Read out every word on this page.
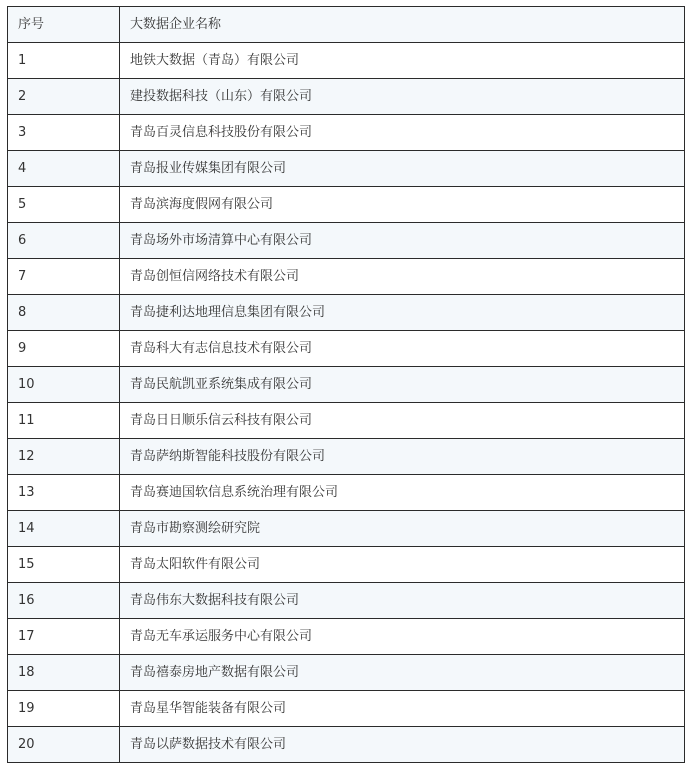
序号	大数据企业名称
1	地铁大数据（青岛）有限公司
2	建投数据科技（山东）有限公司
3	青岛百灵信息科技股份有限公司
4	青岛报业传媒集团有限公司
5	青岛滨海度假网有限公司
6	青岛场外市场清算中心有限公司
7	青岛创恒信网络技术有限公司
8	青岛捷利达地理信息集团有限公司
9	青岛科大有志信息技术有限公司
10	青岛民航凯亚系统集成有限公司
11	青岛日日顺乐信云科技有限公司
12	青岛萨纳斯智能科技股份有限公司
13	青岛赛迪国软信息系统治理有限公司
14	青岛市勘察测绘研究院
15	青岛太阳软件有限公司
16	青岛伟东大数据科技有限公司
17	青岛无车承运服务中心有限公司
18	青岛禧泰房地产数据有限公司
19	青岛星华智能装备有限公司
20	青岛以萨数据技术有限公司
